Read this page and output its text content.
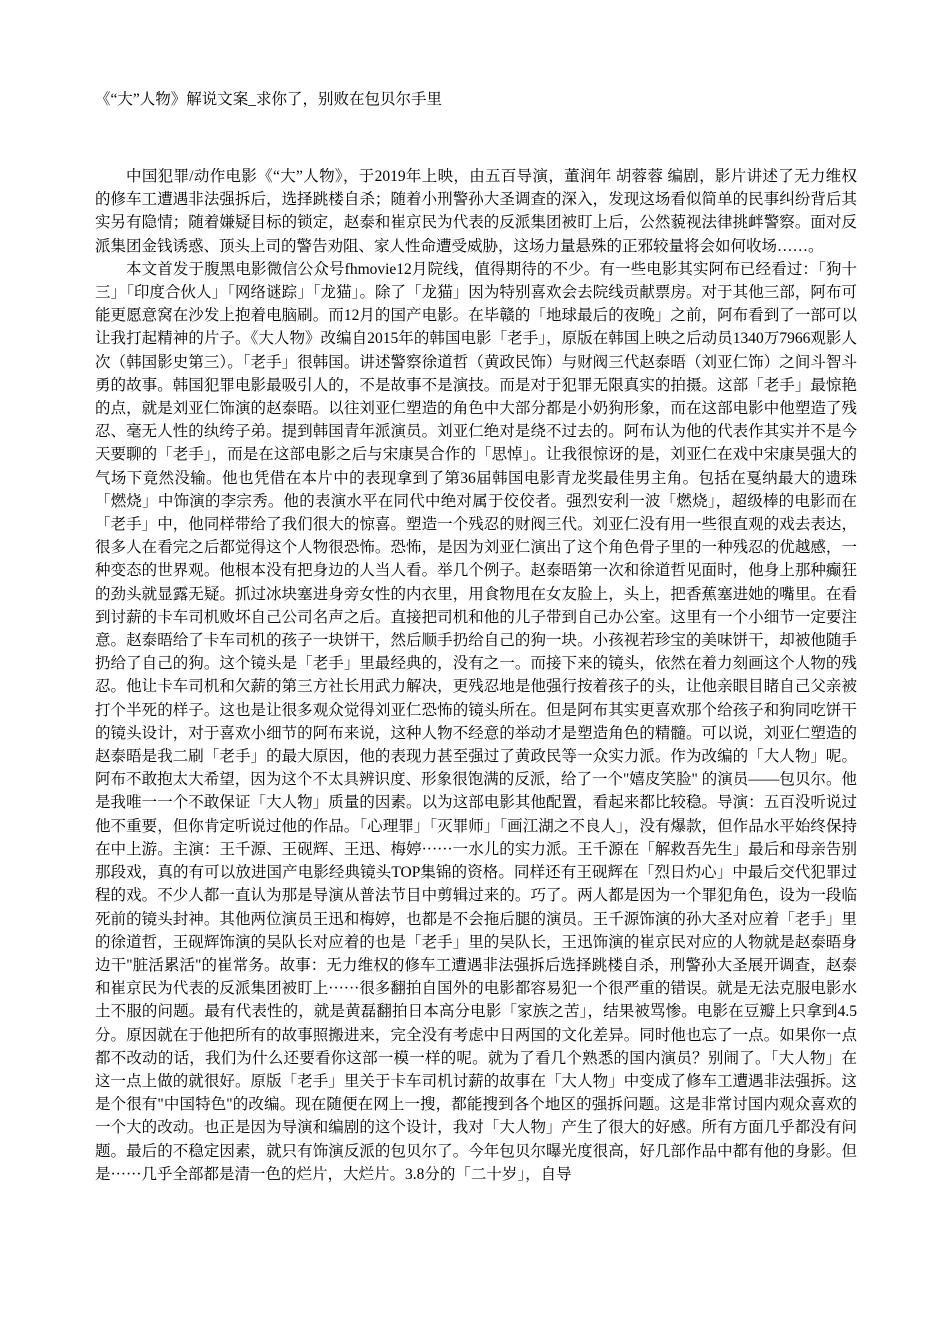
《“大”人物》解说文案_求你了，别败在包贝尔手里

中国犯罪/动作电影《“大”人物》，于2019年上映，由五百导演，董润年 胡蓉蓉 编剧，影片讲述了无力维权的修车工遭遇非法强拆后，选择跳楼自杀；随着小刑警孙大圣调查的深入，发现这场看似简单的民事纠纷背后其实另有隐情；随着嫌疑目标的锁定，赵泰和崔京民为代表的反派集团被盯上后，公然藐视法律挑衅警察。面对反派集团金钱诱惑、顶头上司的警告劝阻、家人性命遭受威胁，这场力量悬殊的正邪较量将会如何收场……。

本文首发于腹黑电影微信公众号fhmovie12月院线，值得期待的不少。有一些电影其实阿布已经看过：「狗十三」「印度合伙人」「网络谜踪」「龙猫」。除了「龙猫」因为特别喜欢会去院线贡献票房。对于其他三部，阿布可能更愿意窝在沙发上抱着电脑刷。而12月的国产电影。在毕赣的「地球最后的夜晚」之前，阿布看到了一部可以让我打起精神的片子。《大人物》改编自2015年的韩国电影「老手」，原版在韩国上映之后动员1340万7966观影人次（韩国影史第三）。「老手」很韩国。讲述警察徐道哲（黄政民饰）与财阀三代赵泰晤（刘亚仁饰）之间斗智斗勇的故事。韩国犯罪电影最吸引人的，不是故事不是演技。而是对于犯罪无限真实的拍摄。这部「老手」最惊艳的点，就是刘亚仁饰演的赵泰晤。以往刘亚仁塑造的角色中大部分都是小奶狗形象，而在这部电影中他塑造了残忍、毫无人性的纨绔子弟。提到韩国青年派演员。刘亚仁绝对是绕不过去的。阿布认为他的代表作其实并不是今天要聊的「老手」，而是在这部电影之后与宋康昊合作的「思悼」。让我很惊讶的是，刘亚仁在戏中宋康昊强大的气场下竟然没输。他也凭借在本片中的表现拿到了第36届韩国电影青龙奖最佳男主角。包括在戛纳最大的遗珠「燃烧」中饰演的李宗秀。他的表演水平在同代中绝对属于佼佼者。强烈安利一波「燃烧」，超级棒的电影而在「老手」中，他同样带给了我们很大的惊喜。塑造一个残忍的财阀三代。刘亚仁没有用一些很直观的戏去表达，很多人在看完之后都觉得这个人物很恐怖。恐怖，是因为刘亚仁演出了这个角色骨子里的一种残忍的优越感，一种变态的世界观。他根本没有把身边的人当人看。举几个例子。赵泰晤第一次和徐道哲见面时，他身上那种癫狂的劲头就显露无疑。抓过冰块塞进身旁女性的内衣里，用食物甩在女友脸上，头上，把香蕉塞进她的嘴里。在看到讨薪的卡车司机败坏自己公司名声之后。直接把司机和他的儿子带到自己办公室。这里有一个小细节一定要注意。赵泰晤给了卡车司机的孩子一块饼干，然后顺手扔给自己的狗一块。小孩视若珍宝的美味饼干，却被他随手扔给了自己的狗。这个镜头是「老手」里最经典的，没有之一。而接下来的镜头，依然在着力刻画这个人物的残忍。他让卡车司机和欠薪的第三方社长用武力解决，更残忍地是他强行按着孩子的头，让他亲眼目睹自己父亲被打个半死的样子。这也是让很多观众觉得刘亚仁恐怖的镜头所在。但是阿布其实更喜欢那个给孩子和狗同吃饼干的镜头设计，对于喜欢小细节的阿布来说，这种人物不经意的举动才是塑造角色的精髓。可以说，刘亚仁塑造的赵泰晤是我二刷「老手」的最大原因，他的表现力甚至强过了黄政民等一众实力派。作为改编的「大人物」呢。阿布不敢抱太大希望，因为这个不太具辨识度、形象很饱满的反派，给了一个"嬉皮笑脸" 的演员——包贝尔。他是我唯一一个不敢保证「大人物」质量的因素。以为这部电影其他配置，看起来都比较稳。导演：五百没听说过他不重要，但你肯定听说过他的作品。「心理罪」「灭罪师」「画江湖之不良人」，没有爆款，但作品水平始终保持在中上游。主演：王千源、王砚辉、王迅、梅婷······一水儿的实力派。王千源在「解救吾先生」最后和母亲告别那段戏，真的有可以放进国产电影经典镜头TOP集锦的资格。同样还有王砚辉在「烈日灼心」中最后交代犯罪过程的戏。不少人都一直认为那是导演从普法节目中剪辑过来的。巧了。两人都是因为一个罪犯角色，设为一段临死前的镜头封神。其他两位演员王迅和梅婷，也都是不会拖后腿的演员。王千源饰演的孙大圣对应着「老手」里的徐道哲，王砚辉饰演的吴队长对应着的也是「老手」里的吴队长，王迅饰演的崔京民对应的人物就是赵泰晤身边干"脏活累活"的崔常务。故事：无力维权的修车工遭遇非法强拆后选择跳楼自杀，刑警孙大圣展开调查，赵泰和崔京民为代表的反派集团被盯上······很多翻拍自国外的电影都容易犯一个很严重的错误。就是无法克服电影水土不服的问题。最有代表性的，就是黄磊翻拍日本高分电影「家族之苦」，结果被骂惨。电影在豆瓣上只拿到4.5分。原因就在于他把所有的故事照搬进来，完全没有考虑中日两国的文化差异。同时他也忘了一点。如果你一点都不改动的话，我们为什么还要看你这部一模一样的呢。就为了看几个熟悉的国内演员？别闹了。「大人物」在这一点上做的就很好。原版「老手」里关于卡车司机讨薪的故事在「大人物」中变成了修车工遭遇非法强拆。这是个很有"中国特色"的改编。现在随便在网上一搜，都能搜到各个地区的强拆问题。这是非常讨国内观众喜欢的一个大的改动。也正是因为导演和编剧的这个设计，我对「大人物」产生了很大的好感。所有方面几乎都没有问题。最后的不稳定因素，就只有饰演反派的包贝尔了。今年包贝尔曝光度很高，好几部作品中都有他的身影。但是······几乎全部都是清一色的烂片，大烂片。3.8分的「二十岁」，自导
